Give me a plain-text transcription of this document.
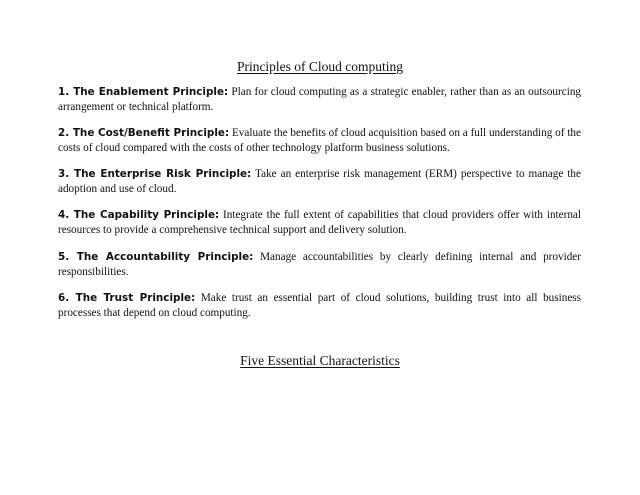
Principles of Cloud computing

1. The Enablement Principle: Plan for cloud computing as a strategic enabler, rather than as an outsourcing arrangement or technical platform.

2. The Cost/Benefit Principle: Evaluate the benefits of cloud acquisition based on a full understanding of the costs of cloud compared with the costs of other technology platform business solutions.

3. The Enterprise Risk Principle: Take an enterprise risk management (ERM) perspective to manage the adoption and use of cloud.

4. The Capability Principle: Integrate the full extent of capabilities that cloud providers offer with internal resources to provide a comprehensive technical support and delivery solution.

5. The Accountability Principle: Manage accountabilities by clearly defining internal and provider responsibilities.

6. The Trust Principle: Make trust an essential part of cloud solutions, building trust into all business processes that depend on cloud computing.

Five Essential Characteristics
